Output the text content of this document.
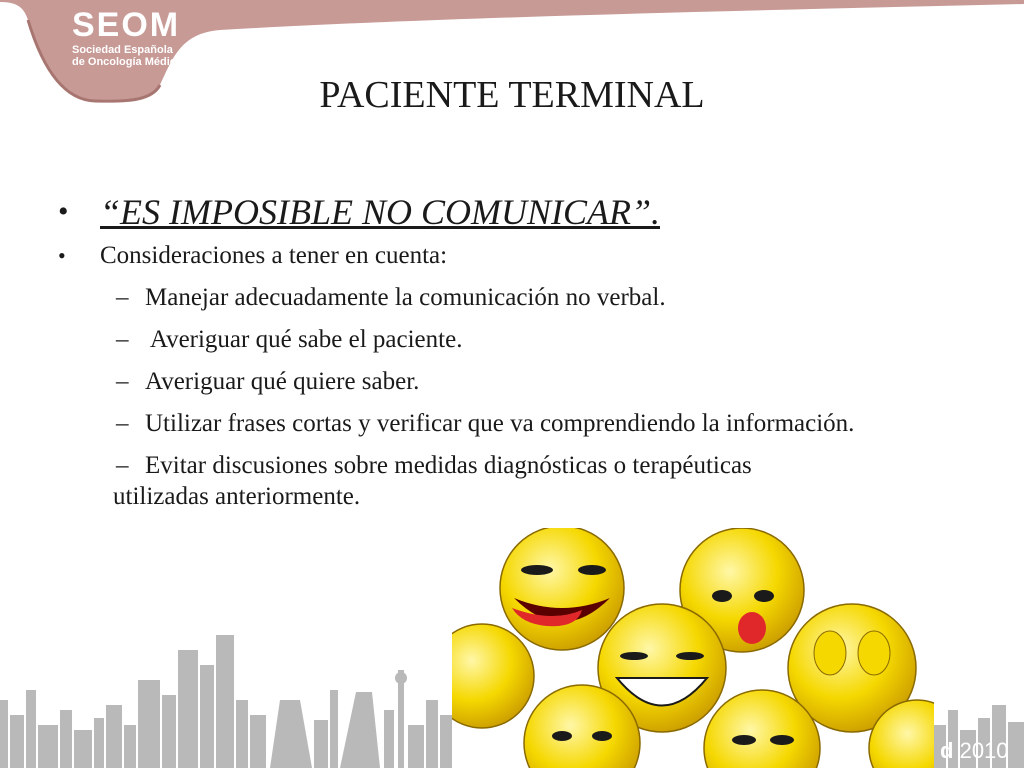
SEOM
Sociedad Española
de Oncología Médica
PACIENTE TERMINAL
• “ES IMPOSIBLE NO COMUNICAR”.
• Consideraciones a tener en cuenta:
– Manejar adecuadamente la comunicación no verbal.
– Averiguar qué sabe el paciente.
– Averiguar qué quiere saber.
– Utilizar frases cortas y verificar que va comprendiendo la información.
– Evitar discusiones sobre medidas diagnósticas o terapéuticas
utilizadas anteriormente.
d 2010
